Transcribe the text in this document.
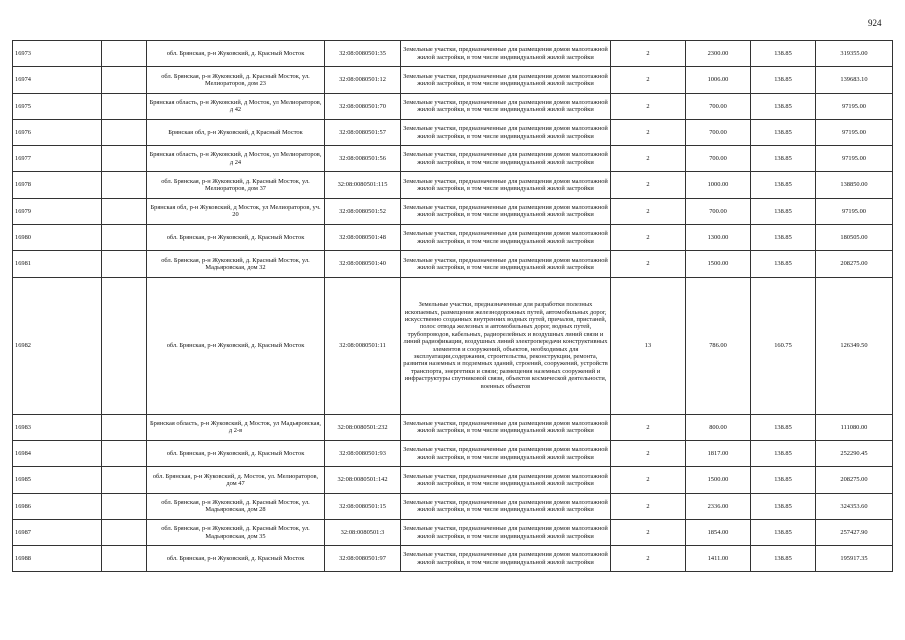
924
16973		обл. Брянская, р-н Жуковский, д. Красный Мосток	32:08:0080501:35	Земельные участки, предназначенные для размещения домов малоэтажной жилой застройки, в том числе индивидуальной жилой застройки	2	2300.00	138.85	319355.00
16974		обл. Брянская, р-н Жуковский, д. Красный Мосток, ул. Мелиораторов, дом 23	32:08:0080501:12	Земельные участки, предназначенные для размещения домов малоэтажной жилой застройки, в том числе индивидуальной жилой застройки	2	1006.00	138.85	139683.10
16975		Брянская область, р-н Жуковский, д Мосток, ул Мелиораторов, д 42	32:08:0080501:70	Земельные участки, предназначенные для размещения домов малоэтажной жилой застройки, в том числе индивидуальной жилой застройки	2	700.00	138.85	97195.00
16976		Брянская обл, р-н Жуковский, д Красный Мосток	32:08:0080501:57	Земельные участки, предназначенные для размещения домов малоэтажной жилой застройки, в том числе индивидуальной жилой застройки	2	700.00	138.85	97195.00
16977		Брянская область, р-н Жуковский, д Мосток, ул Мелиораторов, д 24	32:08:0080501:56	Земельные участки, предназначенные для размещения домов малоэтажной жилой застройки, в том числе индивидуальной жилой застройки	2	700.00	138.85	97195.00
16978		обл. Брянская, р-н Жуковский, д. Красный Мосток, ул. Мелиораторов, дом 37	32:08:0080501:115	Земельные участки, предназначенные для размещения домов малоэтажной жилой застройки, в том числе индивидуальной жилой застройки	2	1000.00	138.85	138850.00
16979		Брянская обл, р-н Жуковский, д Мосток, ул Мелиораторов, уч. 20	32:08:0080501:52	Земельные участки, предназначенные для размещения домов малоэтажной жилой застройки, в том числе индивидуальной жилой застройки	2	700.00	138.85	97195.00
16980		обл. Брянская, р-н Жуковский, д. Красный Мосток	32:08:0080501:48	Земельные участки, предназначенные для размещения домов малоэтажной жилой застройки, в том числе индивидуальной жилой застройки	2	1300.00	138.85	180505.00
16981		обл. Брянская, р-н Жуковский, д. Красный Мосток, ул. Мадьяровская, дом 32	32:08:0080501:40	Земельные участки, предназначенные для размещения домов малоэтажной жилой застройки, в том числе индивидуальной жилой застройки	2	1500.00	138.85	208275.00
16982		обл. Брянская, р-н Жуковский, д. Красный Мосток	32:08:0080501:11	Земельные участки, предназначенные для разработки полезных ископаемых, размещения железнодорожных путей, автомобильных дорог, искусственно созданных внутренних водных путей, причалов, пристаней, полос отвода железных и автомобильных дорог, водных путей, трубопроводов, кабельных, радиорелейных и воздушных линий связи и линий радиофикации, воздушных линий электропередачи конструктивных элементов и сооружений, объектов, необходимых для эксплуатации,содержания, строительства, реконструкции, ремонта, развития наземных и подземных зданий, строений, сооружений, устройств транспорта, энергетики и связи; размещения наземных сооружений и инфраструктуры спутниковой связи, объектов космической деятельности, военных объектов	13	786.00	160.75	126349.50
16983		Брянская область, р-н Жуковский, д Мосток, ул Мадьяровская, д 2-в	32:08:0080501:232	Земельные участки, предназначенные для размещения домов малоэтажной жилой застройки, в том числе индивидуальной жилой застройки	2	800.00	138.85	111080.00
16984		обл. Брянская, р-н Жуковский, д. Красный Мосток	32:08:0080501:93	Земельные участки, предназначенные для размещения домов малоэтажной жилой застройки, в том числе индивидуальной жилой застройки	2	1817.00	138.85	252290.45
16985		обл. Брянская, р-н Жуковский, д. Мосток, ул. Мелиораторов, дом 47	32:08:0080501:142	Земельные участки, предназначенные для размещения домов малоэтажной жилой застройки, в том числе индивидуальной жилой застройки	2	1500.00	138.85	208275.00
16986		обл. Брянская, р-н Жуковский, д. Красный Мосток, ул. Мадьяровская, дом 28	32:08:0080501:15	Земельные участки, предназначенные для размещения домов малоэтажной жилой застройки, в том числе индивидуальной жилой застройки	2	2336.00	138.85	324353.60
16987		обл. Брянская, р-н Жуковский, д. Красный Мосток, ул. Мадьяровская, дом 35	32:08:0080501:3	Земельные участки, предназначенные для размещения домов малоэтажной жилой застройки, в том числе индивидуальной жилой застройки	2	1854.00	138.85	257427.90
16988		обл. Брянская, р-н Жуковский, д. Красный Мосток	32:08:0080501:97	Земельные участки, предназначенные для размещения домов малоэтажной жилой застройки, в том числе индивидуальной жилой застройки	2	1411.00	138.85	195917.35
